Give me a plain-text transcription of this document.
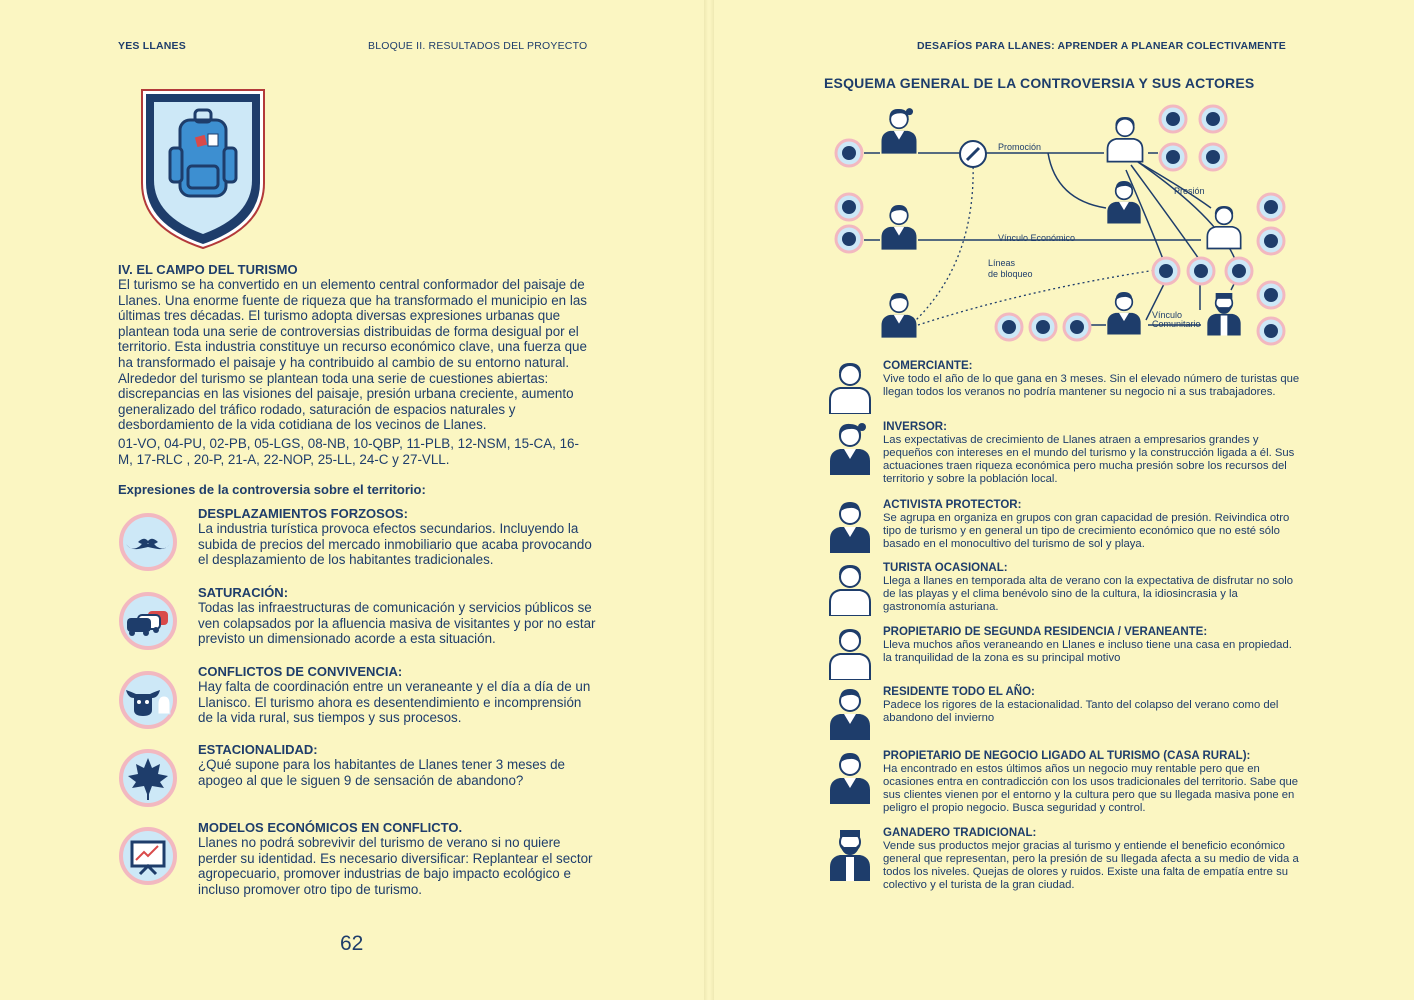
YES LLANES	BLOQUE II. RESULTADOS DEL PROYECTO	DESAFÍOS PARA LLANES: APRENDER A PLANEAR COLECTIVAMENTE
IV. EL CAMPO DEL TURISMO

El turismo se ha convertido en un elemento central conformador del paisaje de Llanes. Una enorme fuente de riqueza que ha transformado el municipio en las últimas tres décadas. El turismo adopta diversas expresiones urbanas que plantean toda una serie de controversias distribuidas de forma desigual por el territorio. Esta industria constituye un recurso económico clave, una fuerza que ha transformado el paisaje y ha contribuido al cambio de su entorno natural. Alrededor del turismo se plantean toda una serie de cuestiones abiertas: discrepancias en las visiones del paisaje, presión urbana creciente, aumento generalizado del tráfico rodado, saturación de espacios naturales y desbordamiento de la vida cotidiana de los vecinos de Llanes.

01-VO, 04-PU, 02-PB, 05-LGS, 08-NB, 10-QBP, 11-PLB, 12-NSM, 15-CA, 16-M, 17-RLC , 20-P, 21-A, 22-NOP, 25-LL, 24-C y 27-VLL.
Expresiones de la controversia sobre el territorio:
DESPLAZAMIENTOS FORZOSOS:
La industria turística provoca efectos secundarios. Incluyendo la subida de precios del mercado inmobiliario que acaba provocando el desplazamiento de los habitantes tradicionales.
SATURACIÓN:
Todas las infraestructuras de comunicación y servicios públicos se ven colapsados por la afluencia masiva de visitantes y por no estar previsto un dimensionado acorde a esta situación.
CONFLICTOS DE CONVIVENCIA:
Hay falta de coordinación entre un veraneante y el día a día de un Llanisco. El turismo ahora es desentendimiento e incomprensión de la vida rural, sus tiempos y sus procesos.
ESTACIONALIDAD:
¿Qué supone para los habitantes de Llanes tener 3 meses de apogeo al que le siguen 9 de sensación de abandono?
MODELOS ECONÓMICOS EN CONFLICTO.
Llanes no podrá sobrevivir del turismo de verano si no quiere perder su identidad. Es necesario diversificar: Replantear el sector agropecuario, promover industrias de bajo impacto ecológico e incluso promover otro tipo de turismo.
62
ESQUEMA GENERAL DE LA CONTROVERSIA Y SUS ACTORES
Promoción
Presión
Vínculo Económico
Líneas
de bloqueo
Vínculo
Comunitario
COMERCIANTE:
Vive todo el año de lo que gana en 3 meses. Sin el elevado número de turistas que llegan todos los veranos no podría mantener su negocio ni a sus trabajadores.
INVERSOR:
Las expectativas de crecimiento de Llanes atraen a empresarios grandes y pequeños con intereses en el mundo del turismo y la construcción ligada a él. Sus actuaciones traen riqueza económica pero mucha presión sobre los recursos del territorio y sobre la población local.
ACTIVISTA PROTECTOR:
Se agrupa en organiza en grupos con gran capacidad de presión. Reivindica otro tipo de turismo y en general un tipo de crecimiento económico que no esté sólo basado en el monocultivo del turismo de sol y playa.
TURISTA OCASIONAL:
Llega a llanes en temporada alta de verano con la expectativa de disfrutar no solo de las playas y el clima benévolo sino de la cultura, la idiosincrasia y la gastronomía asturiana.
PROPIETARIO DE SEGUNDA RESIDENCIA / VERANEANTE:
Lleva muchos años veraneando en Llanes e incluso tiene una casa en propiedad. la tranquilidad de la zona es su principal motivo
RESIDENTE TODO EL AÑO:
Padece los rigores de la estacionalidad. Tanto del colapso del verano como del abandono del invierno
PROPIETARIO DE NEGOCIO LIGADO AL TURISMO (CASA RURAL):
Ha encontrado en estos últimos años un negocio muy rentable pero que en ocasiones entra en contradicción con los usos tradicionales del territorio. Sabe que sus clientes vienen por el entorno y la cultura pero que su llegada masiva pone en peligro el propio negocio. Busca seguridad y control.
GANADERO TRADICIONAL:
Vende sus productos mejor gracias al turismo y entiende el beneficio económico general que representan, pero la presión de su llegada afecta a su medio de vida a todos los niveles. Quejas de olores y ruidos. Existe una falta de empatía entre su colectivo y el turista de la gran ciudad.
